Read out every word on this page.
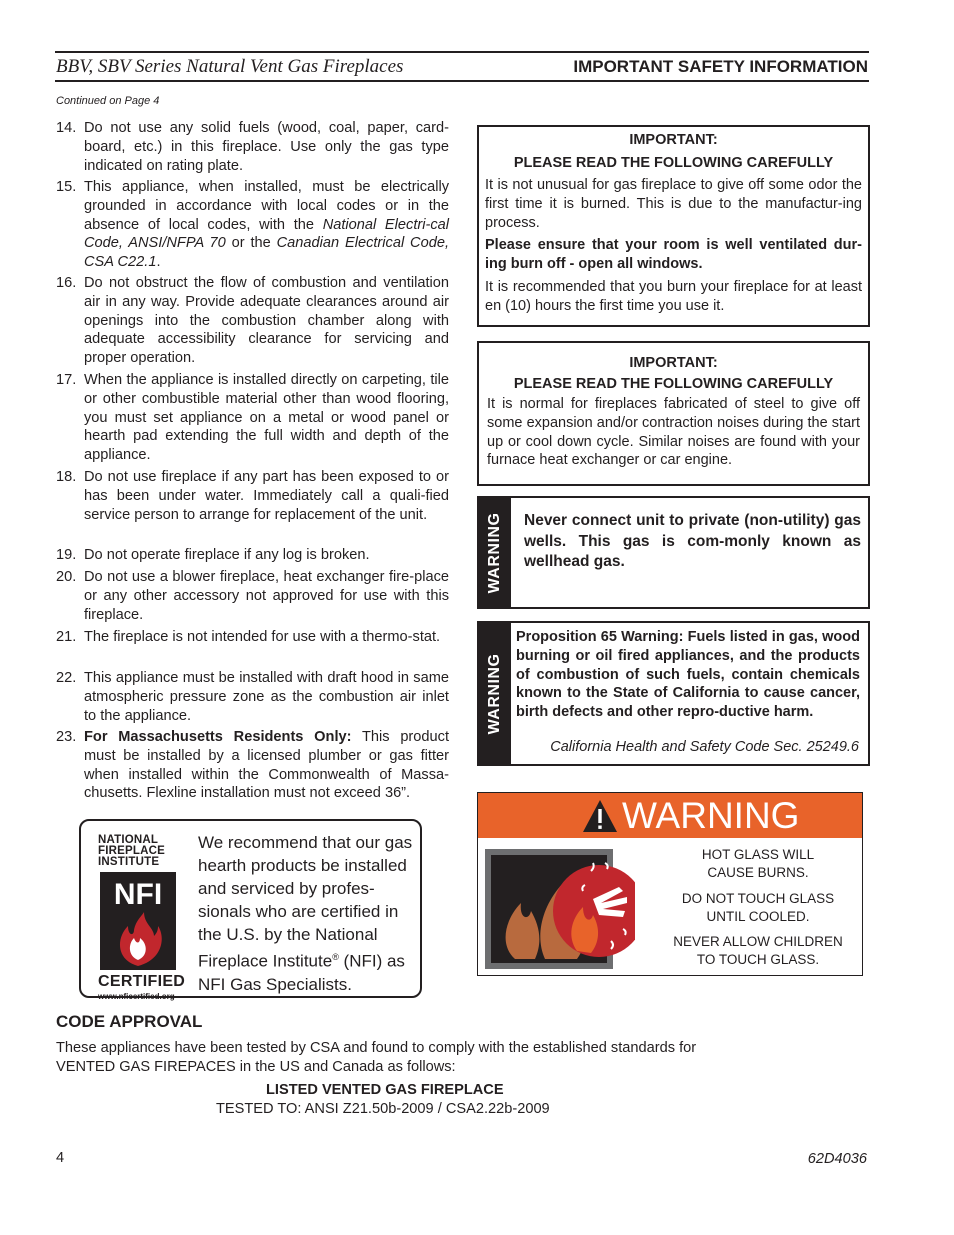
BBV, SBV Series Natural Vent Gas Fireplaces	IMPORTANT SAFETY INFORMATION
Continued on Page 4
14. Do not use any solid fuels (wood, coal, paper, card-board, etc.) in this fireplace. Use only the gas type indicated on rating plate.
15. This appliance, when installed, must be electrically grounded in accordance with local codes or in the absence of local codes, with the National Electri-cal Code, ANSI/NFPA 70 or the Canadian Electrical Code, CSA C22.1.
16. Do not obstruct the flow of combustion and ventilation air in any way. Provide adequate clearances around air openings into the combustion chamber along with adequate accessibility clearance for servicing and proper operation.
17. When the appliance is installed directly on carpeting, tile or other combustible material other than wood flooring, you must set appliance on a metal or wood panel or hearth pad extending the full width and depth of the appliance.
18. Do not use fireplace if any part has been exposed to or has been under water. Immediately call a quali-fied service person to arrange for replacement of the unit.
19. Do not operate fireplace if any log is broken.
20. Do not use a blower fireplace, heat exchanger fire-place or any other accessory not approved for use with this fireplace.
21. The fireplace is not intended for use with a thermo-stat.
22. This appliance must be installed with draft hood in same atmospheric pressure zone as the combustion air inlet to the appliance.
23. For Massachusetts Residents Only: This product must be installed by a licensed plumber or gas fitter when installed within the Commonwealth of Massa-chusetts. Flexline installation must not exceed 36”.
IMPORTANT:
PLEASE READ THE FOLLOWING CAREFULLY

It is not unusual for gas fireplace to give off some odor the first time it is burned. This is due to the manufactur-ing process.

Please ensure that your room is well ventilated dur-ing burn off - open all windows.

It is recommended that you burn your fireplace for at least en (10) hours the first time you use it.

IMPORTANT:
PLEASE READ THE FOLLOWING CAREFULLY

It is normal for fireplaces fabricated of steel to give off some expansion and/or contraction noises during the start up or cool down cycle. Similar noises are found with your furnace heat exchanger or car engine.

WARNING Never connect unit to private (non-utility) gas wells. This gas is com-monly known as wellhead gas.

WARNING

Proposition 65 Warning: Fuels listed in gas, wood burning or oil fired appliances, and the products of combustion of such fuels, contain chemicals known to the State of California to cause cancer, birth defects and other repro-ductive harm.

California Health and Safety Code Sec. 25249.6
WARNING
HOT GLASS WILL
CAUSE BURNS.
DO NOT TOUCH GLASS
UNTIL COOLED.
NEVER ALLOW CHILDREN
TO TOUCH GLASS.
NATIONAL
FIREPLACE
INSTITUTE
NFI
CERTIFIED
www.nficertified.org
We recommend that our gas hearth products be installed and serviced by profes-sionals who are certified in the U.S. by the National Fireplace Institute® (NFI) as NFI Gas Specialists.
CODE APPROVAL
These appliances have been tested by CSA and found to comply with the established standards for VENTED GAS FIREPACES in the US and Canada as follows:
LISTED VENTED GAS FIREPLACE
TESTED TO: ANSI Z21.50b-2009 / CSA2.22b-2009
4	62D4036
